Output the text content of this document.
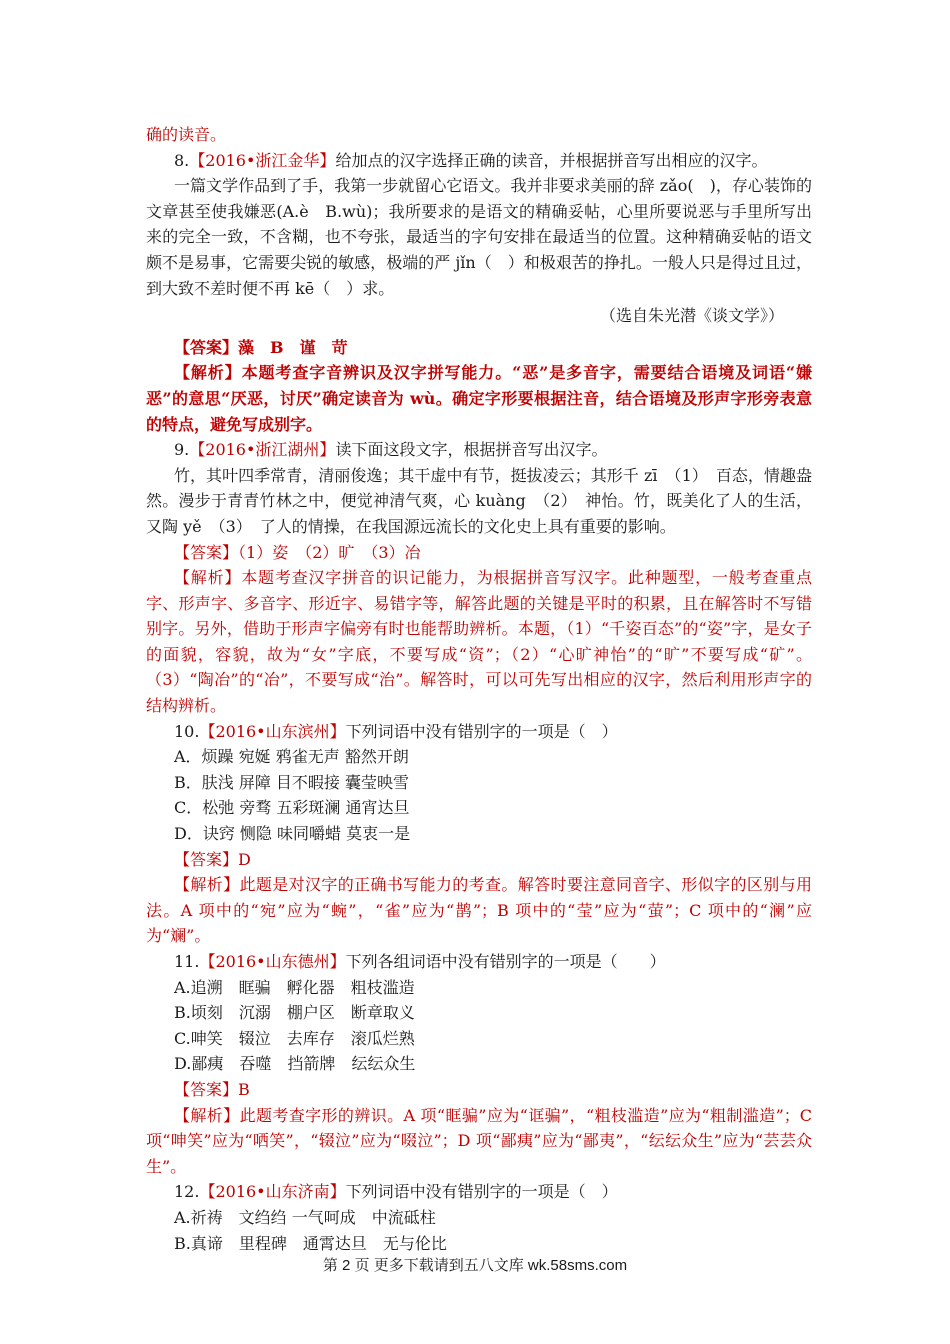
确的读音。

8.【2016•浙江金华】给加点的汉字选择正确的读音，并根据拼音写出相应的汉字。

一篇文学作品到了手，我第一步就留心它语文。我并非要求美丽的辞 zǎo(　)，存心装饰的文章甚至使我嫌恶(A.è　B.wù)；我所要求的是语文的精确妥帖，心里所要说恶与手里所写出来的完全一致，不含糊，也不夸张，最适当的字句安排在最适当的位置。这种精确妥帖的语文颇不是易事，它需要尖锐的敏感，极端的严 jǐn（　）和极艰苦的挣扎。一般人只是得过且过，到大致不差时便不再 kē（　）求。

（选自朱光潜《谈文学》）

【答案】藻　B　谨　苛

【解析】本题考查字音辨识及汉字拼写能力。“恶”是多音字，需要结合语境及词语“嫌恶”的意思“厌恶，讨厌”确定读音为 wù。确定字形要根据注音，结合语境及形声字形旁表意的特点，避免写成别字。

9.【2016•浙江湖州】读下面这段文字，根据拼音写出汉字。

竹，其叶四季常青，清丽俊逸；其干虚中有节，挺拔凌云；其形千 zī　（1）　百态，情趣盎然。漫步于青青竹林之中，便觉神清气爽，心 kuàng　（2）　神怡。竹，既美化了人的生活，又陶 yě　（3）　了人的情操，在我国源远流长的文化史上具有重要的影响。

【答案】（1）姿　（2）旷　（3）冶

【解析】本题考查汉字拼音的识记能力，为根据拼音写汉字。此种题型，一般考查重点字、形声字、多音字、形近字、易错字等，解答此题的关键是平时的积累，且在解答时不写错别字。另外，借助于形声字偏旁有时也能帮助辨析。本题，（1）“千姿百态”的“姿”字，是女子的面貌，容貌，故为“女”字底，不要写成“资”；（2）“心旷神怡”的“旷”不要写成“矿”。（3）“陶冶”的“冶”，不要写成“治”。解答时，可以可先写出相应的汉字，然后利用形声字的结构辨析。

10.【2016•山东滨州】下列词语中没有错别字的一项是（　）

A．烦躁 宛娫 鸦雀无声 豁然开朗

B．肤浅 屏障 目不暇接 囊莹映雪

C．松弛 旁骛 五彩斑澜 通宵达旦

D．诀窍 恻隐 味同嚼蜡 莫衷一是

【答案】D

【解析】此题是对汉字的正确书写能力的考查。解答时要注意同音字、形似字的区别与用法。A 项中的“宛”应为“蜿”，“雀”应为“鹊”；B 项中的“莹”应为“萤”；C 项中的“澜”应为“斓”。

11.【2016•山东德州】下列各组词语中没有错别字的一项是（　　）

A.追溯　眶骗　孵化器　粗枝滥造

B.顷刻　沉溺　棚户区　断章取义

C.呻笑　辍泣　去库存　滚瓜烂熟

D.鄙痍　吞噬　挡箭牌　纭纭众生

【答案】B

【解析】此题考查字形的辨识。A 项“眶骗”应为“诓骗”，“粗枝滥造”应为“粗制滥造”；C 项“呻笑”应为“哂笑”，“辍泣”应为“啜泣”；D 项“鄙痍”应为“鄙夷”，“纭纭众生”应为“芸芸众生”。

12.【2016•山东济南】下列词语中没有错别字的一项是（　）

A.祈祷　文绉绉 一气呵成　中流砥柱

B.真谛　里程碑　通霄达旦　无与伦比

第 2 页 更多下载请到五八文库 wk.58sms.com
